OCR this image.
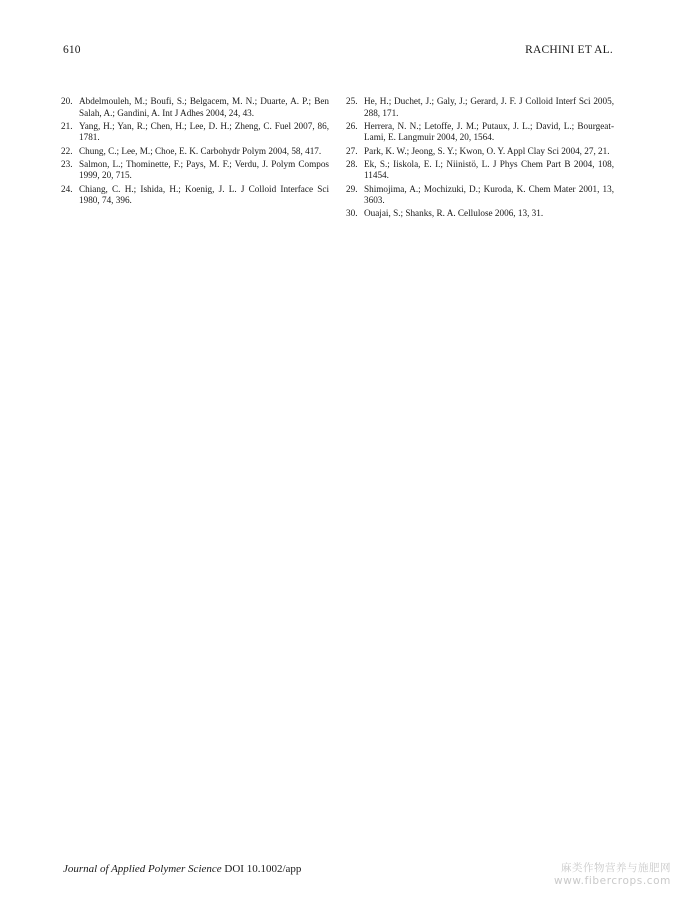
610	RACHINI ET AL.
20. Abdelmouleh, M.; Boufi, S.; Belgacem, M. N.; Duarte, A. P.; Ben Salah, A.; Gandini, A. Int J Adhes 2004, 24, 43.
21. Yang, H.; Yan, R.; Chen, H.; Lee, D. H.; Zheng, C. Fuel 2007, 86, 1781.
22. Chung, C.; Lee, M.; Choe, E. K. Carbohydr Polym 2004, 58, 417.
23. Salmon, L.; Thominette, F.; Pays, M. F.; Verdu, J. Polym Compos 1999, 20, 715.
24. Chiang, C. H.; Ishida, H.; Koenig, J. L. J Colloid Interface Sci 1980, 74, 396.
25. He, H.; Duchet, J.; Galy, J.; Gerard, J. F. J Colloid Interf Sci 2005, 288, 171.
26. Herrera, N. N.; Letoffe, J. M.; Putaux, J. L.; David, L.; Bourgeat-Lami, E. Langmuir 2004, 20, 1564.
27. Park, K. W.; Jeong, S. Y.; Kwon, O. Y. Appl Clay Sci 2004, 27, 21.
28. Ek, S.; Iiskola, E. I.; Niinistö, L. J Phys Chem Part B 2004, 108, 11454.
29. Shimojima, A.; Mochizuki, D.; Kuroda, K. Chem Mater 2001, 13, 3603.
30. Ouajai, S.; Shanks, R. A. Cellulose 2006, 13, 31.
Journal of Applied Polymer Science DOI 10.1002/app	麻类作物营养与施肥网
www.fibercrops.com
